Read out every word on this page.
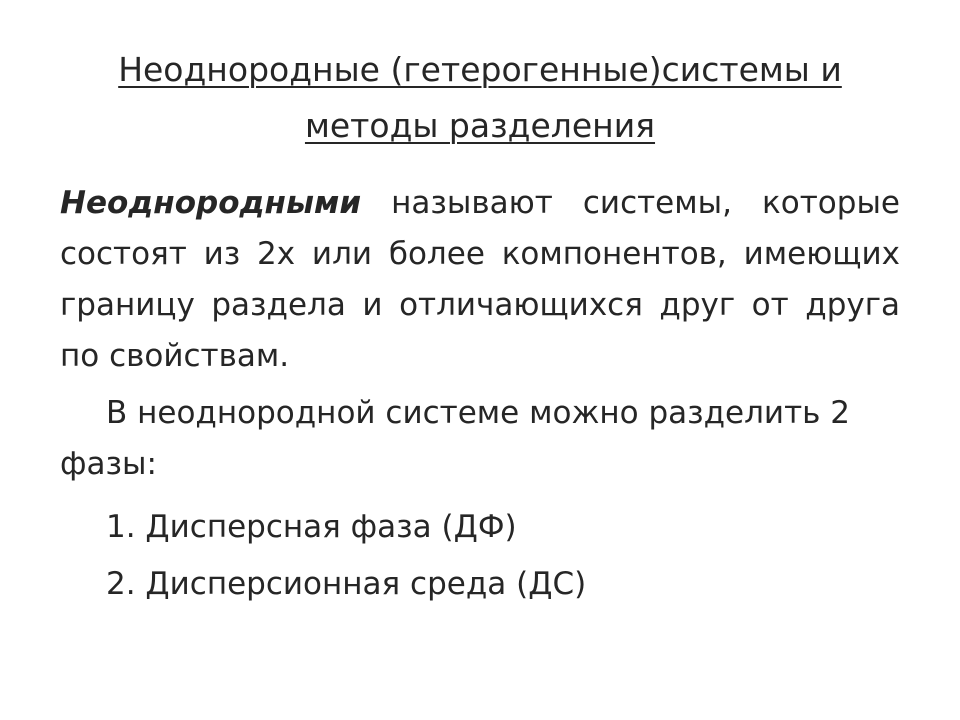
Неоднородные (гетерогенные)системы и методы разделения

Неоднородными называют системы, которые состоят из 2х или более компонентов, имеющих границу раздела и отличающихся друг от друга по свойствам.

В неоднородной системе можно разделить 2 фазы:

1. Дисперсная фаза (ДФ)
2. Дисперсионная среда (ДС)
